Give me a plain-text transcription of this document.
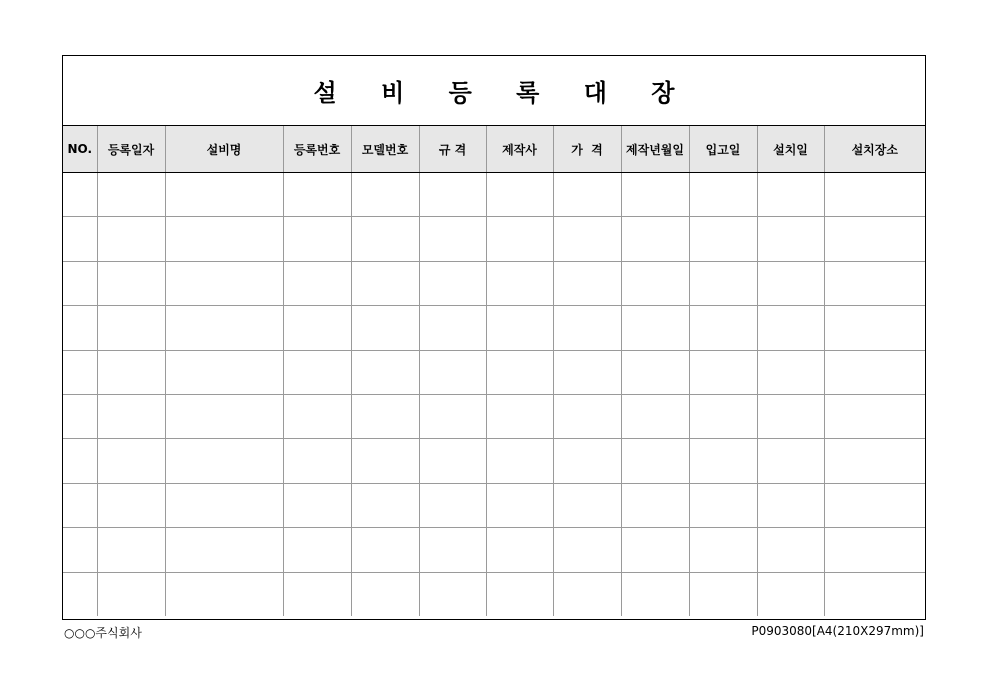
설 비 등 록 대 장
NO.	등록일자	설비명	등록번호	모델번호	규 격	제작사	가  격	제작년월일	입고일	설치일	설치장소

○○○주식회사	P0903080[A4(210X297mm)]
